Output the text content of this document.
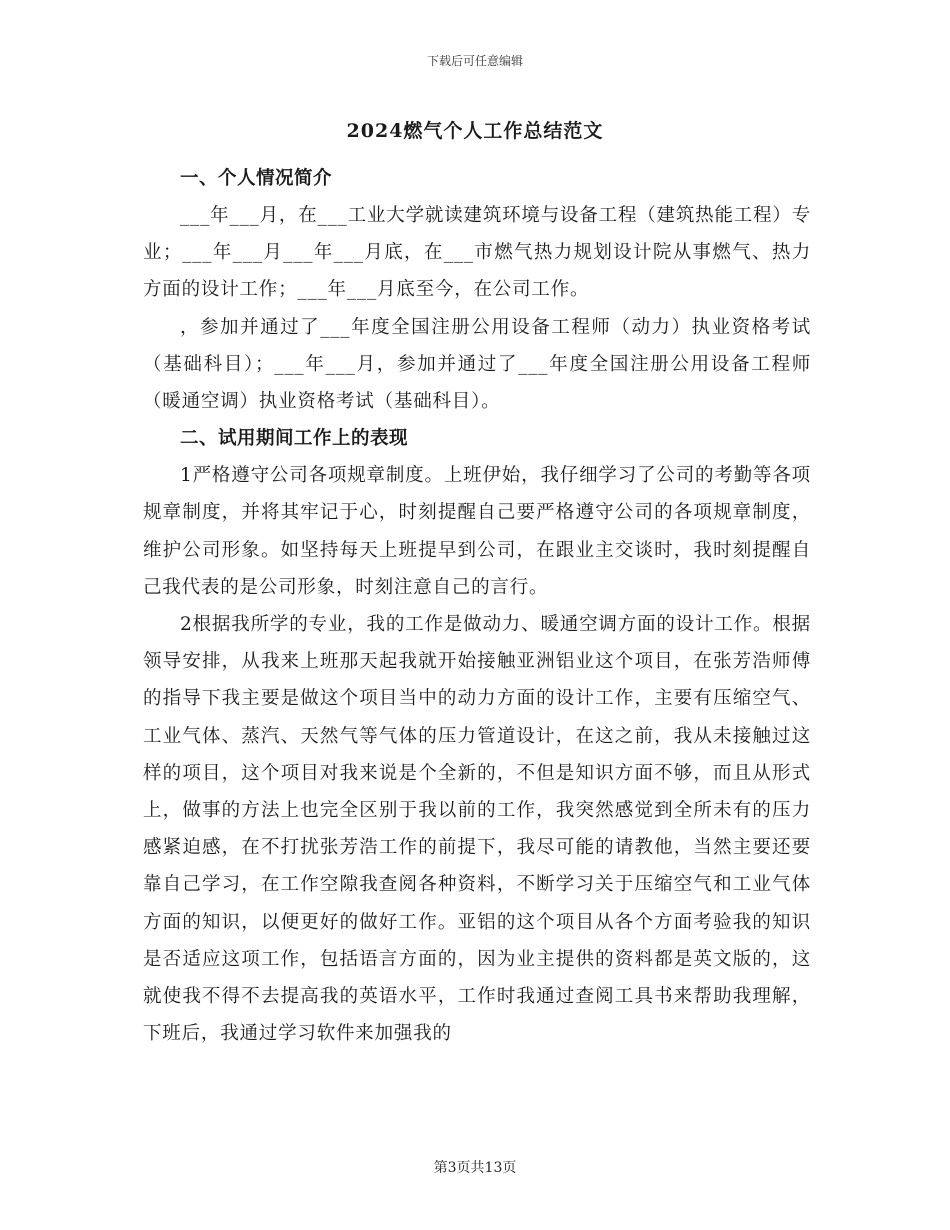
下载后可任意编辑
2024燃气个人工作总结范文
一、个人情况简介

___年___月，在___工业大学就读建筑环境与设备工程（建筑热能工程）专业；___年___月___年___月底，在___市燃气热力规划设计院从事燃气、热力方面的设计工作；___年___月底至今，在公司工作。

，参加并通过了___年度全国注册公用设备工程师（动力）执业资格考试（基础科目）；___年___月，参加并通过了___年度全国注册公用设备工程师（暖通空调）执业资格考试（基础科目）。

二、试用期间工作上的表现

1严格遵守公司各项规章制度。上班伊始，我仔细学习了公司的考勤等各项规章制度，并将其牢记于心，时刻提醒自己要严格遵守公司的各项规章制度，维护公司形象。如坚持每天上班提早到公司，在跟业主交谈时，我时刻提醒自己我代表的是公司形象，时刻注意自己的言行。

2根据我所学的专业，我的工作是做动力、暖通空调方面的设计工作。根据领导安排，从我来上班那天起我就开始接触亚洲铝业这个项目，在张芳浩师傅的指导下我主要是做这个项目当中的动力方面的设计工作，主要有压缩空气、工业气体、蒸汽、天然气等气体的压力管道设计，在这之前，我从未接触过这样的项目，这个项目对我来说是个全新的，不但是知识方面不够，而且从形式上，做事的方法上也完全区别于我以前的工作，我突然感觉到全所未有的压力感紧迫感，在不打扰张芳浩工作的前提下，我尽可能的请教他，当然主要还要靠自己学习，在工作空隙我查阅各种资料，不断学习关于压缩空气和工业气体方面的知识，以便更好的做好工作。亚铝的这个项目从各个方面考验我的知识是否适应这项工作，包括语言方面的，因为业主提供的资料都是英文版的，这就使我不得不去提高我的英语水平，工作时我通过查阅工具书来帮助我理解，下班后，我通过学习软件来加强我的

第3页共13页
